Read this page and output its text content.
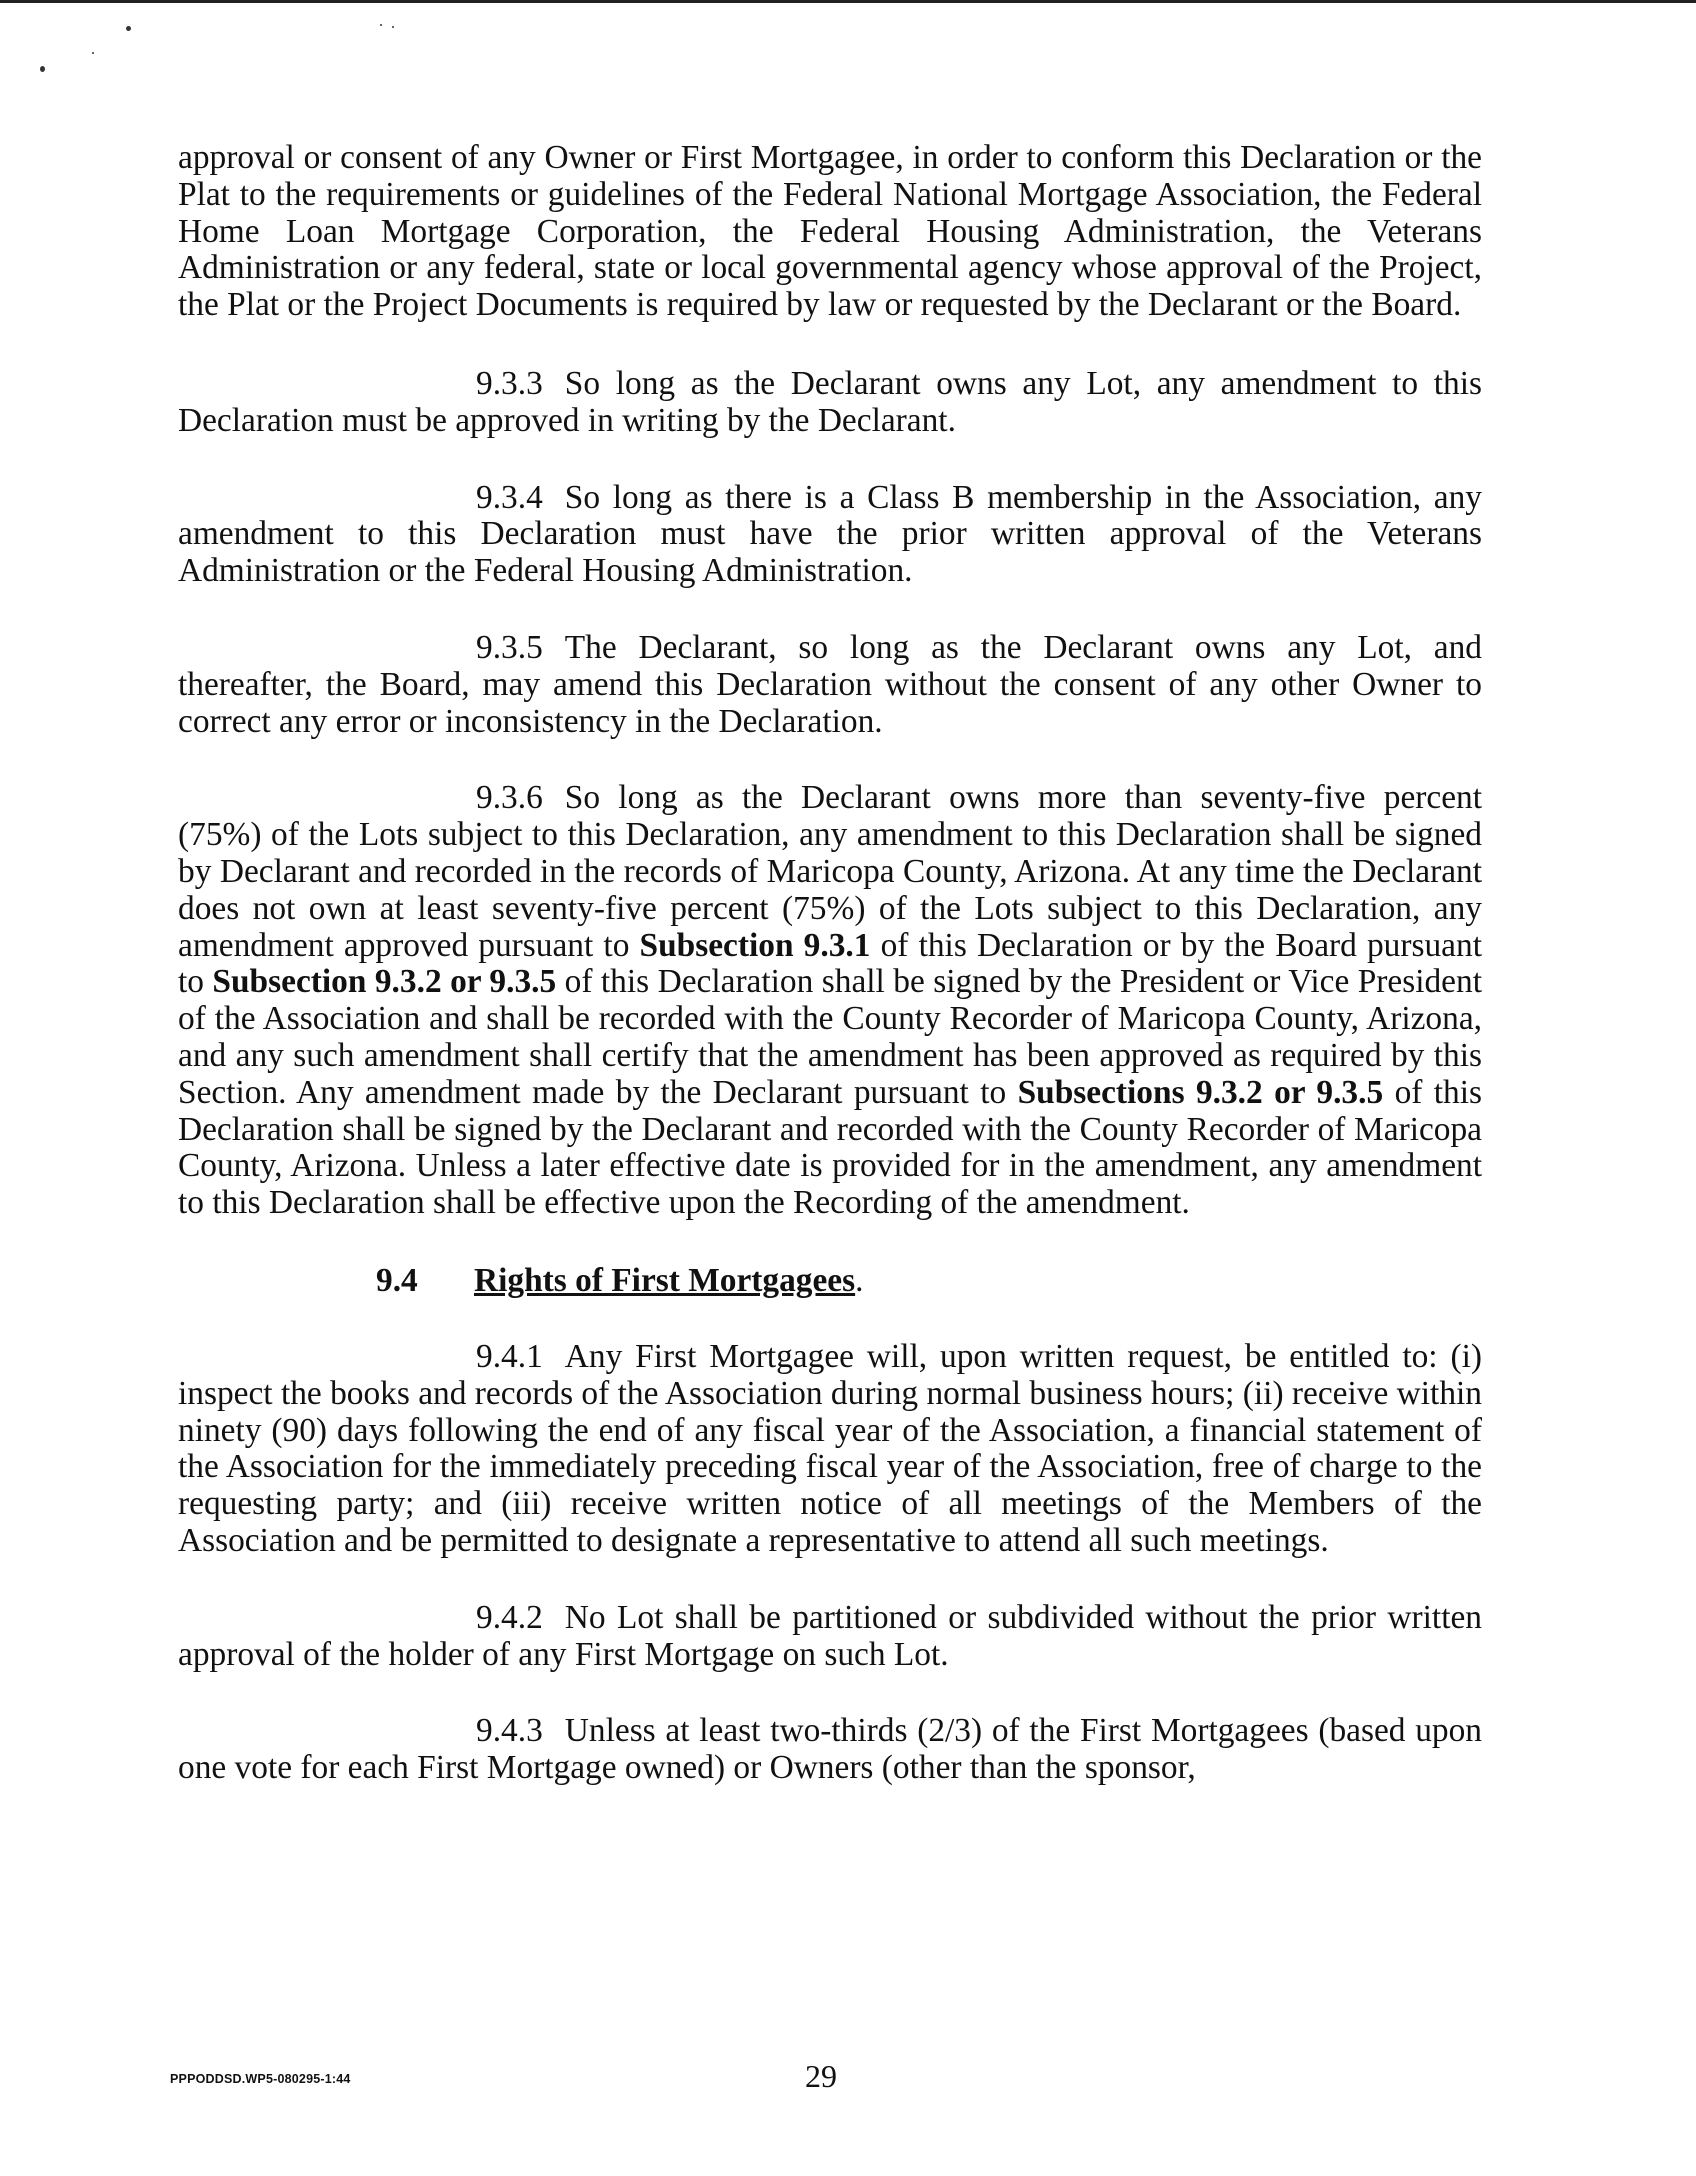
approval or consent of any Owner or First Mortgagee, in order to conform this Declaration or the Plat to the requirements or guidelines of the Federal National Mortgage Association, the Federal Home Loan Mortgage Corporation, the Federal Housing Administration, the Veterans Administration or any federal, state or local governmental agency whose approval of the Project, the Plat or the Project Documents is required by law or requested by the Declarant or the Board.

9.3.3 So long as the Declarant owns any Lot, any amendment to this Declaration must be approved in writing by the Declarant.

9.3.4 So long as there is a Class B membership in the Association, any amendment to this Declaration must have the prior written approval of the Veterans Administration or the Federal Housing Administration.

9.3.5 The Declarant, so long as the Declarant owns any Lot, and thereafter, the Board, may amend this Declaration without the consent of any other Owner to correct any error or inconsistency in the Declaration.

9.3.6 So long as the Declarant owns more than seventy-five percent (75%) of the Lots subject to this Declaration, any amendment to this Declaration shall be signed by Declarant and recorded in the records of Maricopa County, Arizona. At any time the Declarant does not own at least seventy-five percent (75%) of the Lots subject to this Declaration, any amendment approved pursuant to Subsection 9.3.1 of this Declaration or by the Board pursuant to Subsection 9.3.2 or 9.3.5 of this Declaration shall be signed by the President or Vice President of the Association and shall be recorded with the County Recorder of Maricopa County, Arizona, and any such amendment shall certify that the amendment has been approved as required by this Section. Any amendment made by the Declarant pursuant to Subsections 9.3.2 or 9.3.5 of this Declaration shall be signed by the Declarant and recorded with the County Recorder of Maricopa County, Arizona. Unless a later effective date is provided for in the amendment, any amendment to this Declaration shall be effective upon the Recording of the amendment.

9.4 Rights of First Mortgagees.

9.4.1 Any First Mortgagee will, upon written request, be entitled to: (i) inspect the books and records of the Association during normal business hours; (ii) receive within ninety (90) days following the end of any fiscal year of the Association, a financial statement of the Association for the immediately preceding fiscal year of the Association, free of charge to the requesting party; and (iii) receive written notice of all meetings of the Members of the Association and be permitted to designate a representative to attend all such meetings.

9.4.2 No Lot shall be partitioned or subdivided without the prior written approval of the holder of any First Mortgage on such Lot.

9.4.3 Unless at least two-thirds (2/3) of the First Mortgagees (based upon one vote for each First Mortgage owned) or Owners (other than the sponsor,

PPPODDSD.WP5-080295-1:44	29
